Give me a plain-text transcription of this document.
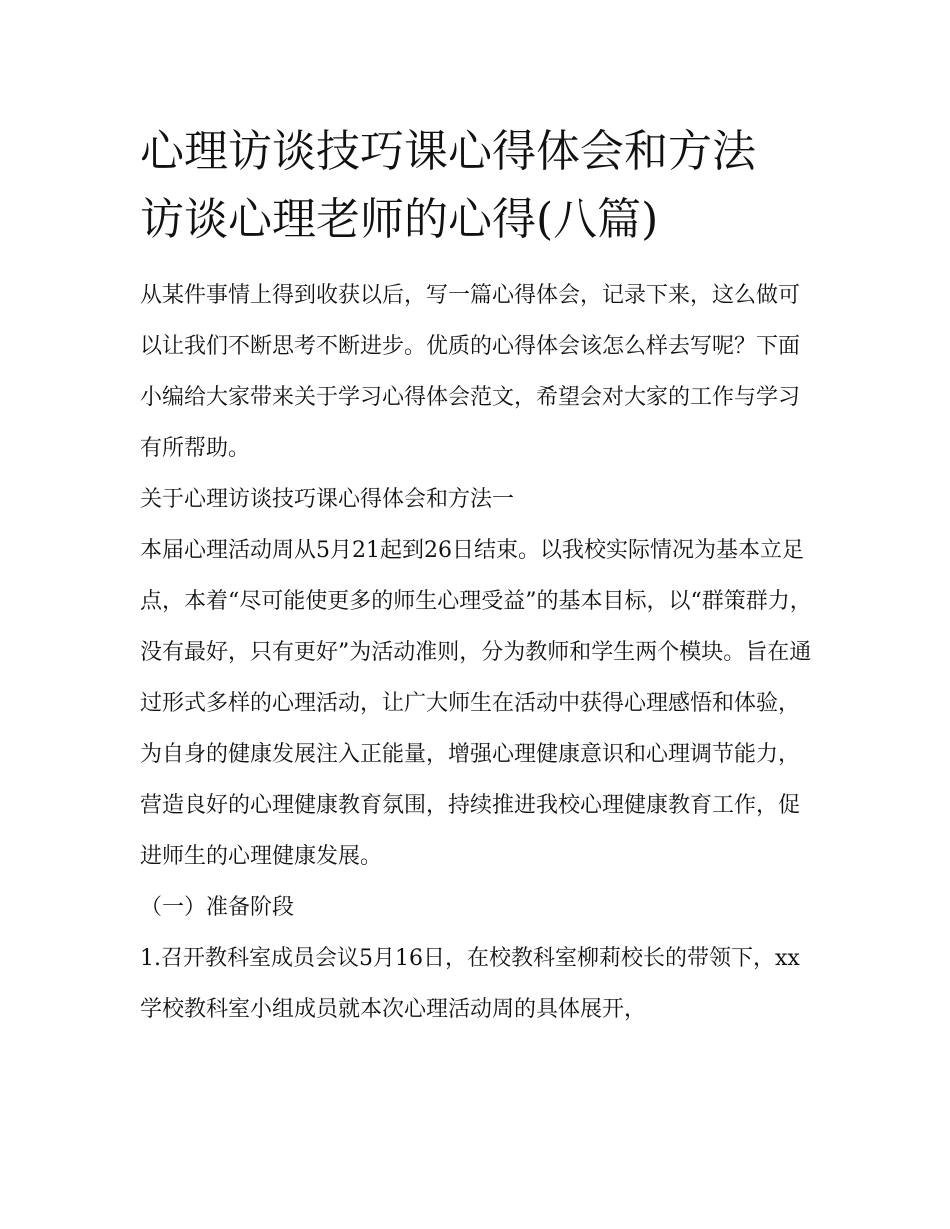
心理访谈技巧课心得体会和方法 访谈心理老师的心得(八篇)
从某件事情上得到收获以后，写一篇心得体会，记录下来，这么做可以让我们不断思考不断进步。优质的心得体会该怎么样去写呢？下面小编给大家带来关于学习心得体会范文，希望会对大家的工作与学习有所帮助。

关于心理访谈技巧课心得体会和方法一

本届心理活动周从5月21起到26日结束。以我校实际情况为基本立足点，本着“尽可能使更多的师生心理受益”的基本目标，以“群策群力，没有最好，只有更好”为活动准则，分为教师和学生两个模块。旨在通过形式多样的心理活动，让广大师生在活动中获得心理感悟和体验，为自身的健康发展注入正能量，增强心理健康意识和心理调节能力，营造良好的心理健康教育氛围，持续推进我校心理健康教育工作，促进师生的心理健康发展。

（一）准备阶段

1.召开教科室成员会议5月16日，在校教科室柳莉校长的带领下，xx学校教科室小组成员就本次心理活动周的具体展开，
